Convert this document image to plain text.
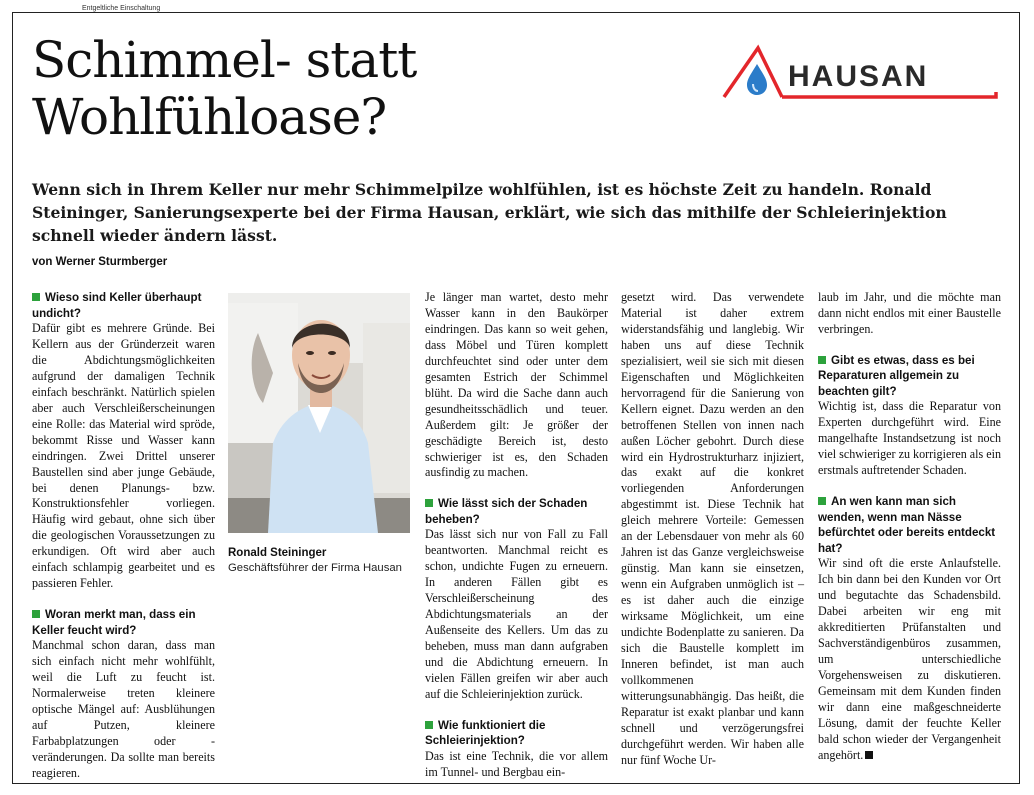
Entgeltliche Einschaltung
Schimmel- statt
Wohlfühloase?
HAUSAN

Wenn sich in Ihrem Keller nur mehr Schimmelpilze wohlfühlen, ist es höchste Zeit zu handeln. Ronald Steininger, Sanierungsexperte bei der Firma Hausan, erklärt, wie sich das mithilfe der Schleierinjektion schnell wieder ändern lässt.

von Werner Sturmberger
Wieso sind Keller überhaupt undicht?

Dafür gibt es mehrere Gründe. Bei Kellern aus der Gründerzeit waren die Abdichtungsmöglichkeiten aufgrund der damaligen Technik einfach beschränkt. Natürlich spielen aber auch Verschleißerscheinungen eine Rolle: das Material wird spröde, bekommt Risse und Wasser kann eindringen. Zwei Drittel unserer Baustellen sind aber junge Gebäude, bei denen Planungs- bzw. Konstruktionsfehler vorliegen. Häufig wird gebaut, ohne sich über die geologischen Voraussetzungen zu erkundigen. Oft wird aber auch einfach schlampig gearbeitet und es passieren Fehler.

Woran merkt man, dass ein Keller feucht wird?

Manchmal schon daran, dass man sich einfach nicht mehr wohlfühlt, weil die Luft zu feucht ist. Normalerweise treten kleinere optische Mängel auf: Ausblühungen auf Putzen, kleinere Farbabplatzungen oder -veränderungen. Da sollte man bereits reagieren.

Ronald Steininger
Geschäftsführer der Firma Hausan

Je länger man wartet, desto mehr Wasser kann in den Baukörper eindringen. Das kann so weit gehen, dass Möbel und Türen komplett durchfeuchtet sind oder unter dem gesamten Estrich der Schimmel blüht. Da wird die Sache dann auch gesundheitsschädlich und teuer. Außerdem gilt: Je größer der geschädigte Bereich ist, desto schwieriger ist es, den Schaden ausfindig zu machen.

Wie lässt sich der Schaden beheben?

Das lässt sich nur von Fall zu Fall beantworten. Manchmal reicht es schon, undichte Fugen zu erneuern. In anderen Fällen gibt es Verschleißerscheinung des Abdichtungsmaterials an der Außenseite des Kellers. Um das zu beheben, muss man dann aufgraben und die Abdichtung erneuern. In vielen Fällen greifen wir aber auch auf die Schleierinjektion zurück.

Wie funktioniert die Schleierinjektion?

Das ist eine Technik, die vor allem im Tunnel- und Bergbau ein-

gesetzt wird. Das verwendete Material ist daher extrem widerstandsfähig und langlebig. Wir haben uns auf diese Technik spezialisiert, weil sie sich mit diesen Eigenschaften und Möglichkeiten hervorragend für die Sanierung von Kellern eignet. Dazu werden an den betroffenen Stellen von innen nach außen Löcher gebohrt. Durch diese wird ein Hydrostrukturharz injiziert, das exakt auf die konkret vorliegenden Anforderungen abgestimmt ist. Diese Technik hat gleich mehrere Vorteile: Gemessen an der Lebensdauer von mehr als 60 Jahren ist das Ganze vergleichsweise günstig. Man kann sie einsetzen, wenn ein Aufgraben unmöglich ist – es ist daher auch die einzige wirksame Möglichkeit, um eine undichte Bodenplatte zu sanieren. Da sich die Baustelle komplett im Inneren befindet, ist man auch vollkommenen witterungsunabhängig. Das heißt, die Reparatur ist exakt planbar und kann schnell und verzögerungsfrei durchgeführt werden. Wir haben alle nur fünf Woche Ur-

laub im Jahr, und die möchte man dann nicht endlos mit einer Baustelle verbringen.

Gibt es etwas, dass es bei Reparaturen allgemein zu beachten gilt?

Wichtig ist, dass die Reparatur von Experten durchgeführt wird. Eine mangelhafte Instandsetzung ist noch viel schwieriger zu korrigieren als ein erstmals auftretender Schaden.

An wen kann man sich wenden, wenn man Nässe befürchtet oder bereits entdeckt hat?

Wir sind oft die erste Anlaufstelle. Ich bin dann bei den Kunden vor Ort und begutachte das Schadensbild. Dabei arbeiten wir eng mit akkreditierten Prüfanstalten und Sachverständigenbüros zusammen, um unterschiedliche Vorgehensweisen zu diskutieren. Gemeinsam mit dem Kunden finden wir dann eine maßgeschneiderte Lösung, damit der feuchte Keller bald schon wieder der Vergangenheit angehört.
